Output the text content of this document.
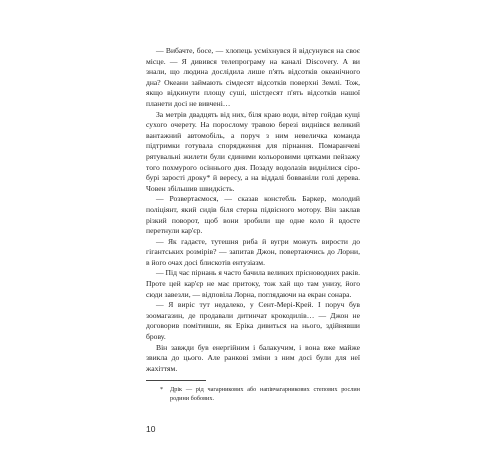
— Вибачте, босе, — хлопець усміхнувся й відсунувся на своє місце. — Я дивився телепрограму на каналі Discovery. А ви знали, що людина дослідила лише п'ять відсотків океанічного дна? Океани займають сімдесят відсотків поверхні Землі. Тож, якщо відкинути площу суші, шістдесят п'ять відсотків нашої планети досі не вивчені…

За метрів двадцять від них, біля краю води, вітер гойдав кущі сухого очерету. На порослому травою березі виднівся великий вантажний автомобіль, а поруч з ним невеличка команда підтримки готувала спорядження для пірнання. Помаранчеві рятувальні жилети були єдиними кольоровими цятками пейзажу того похмурого осіннього дня. Позаду водолазів виднілися сіро-бурі заростi дроку* й вересу, а на віддалі бовваніли голі дерева. Човен збільшив швидкість.

— Розвертаємося, — сказав констебль Баркер, молодий поліціянт, який сидів біля стерна підвісного мотору. Він заклав різкий поворот, щоб вони зробили ще одне коло й вдосте перетнули кар'єр.

— Як гадаєте, тутешня риба й вугри можуть вирости до гігантських розмірів? — запитав Джон, повертаючись до Лорни, в його очах досі блискотів ентузіазм.

— Під час пірнань я часто бачила великих прісноводних раків. Проте цей кар'єр не має притоку, тож хай що там унизу, його сюди завезли, — відповіла Лорна, поглядаючи на екран сонара.

— Я виріс тут недалеко, у Сент-Мері-Крей. І поруч був зоомагазин, де продавали дитинчат крокодилів… — Джон не договорив помітивши, як Еріка дивиться на нього, здійнявши брову.

Він завжди був енергійним і балакучим, і вона вже майже звикла до цього. Але ранкові зміни з ним досі були для неї жахіттям.

* Дрік — рід чагарникових або напівчагарникових степових рослин родини бобових.

10
